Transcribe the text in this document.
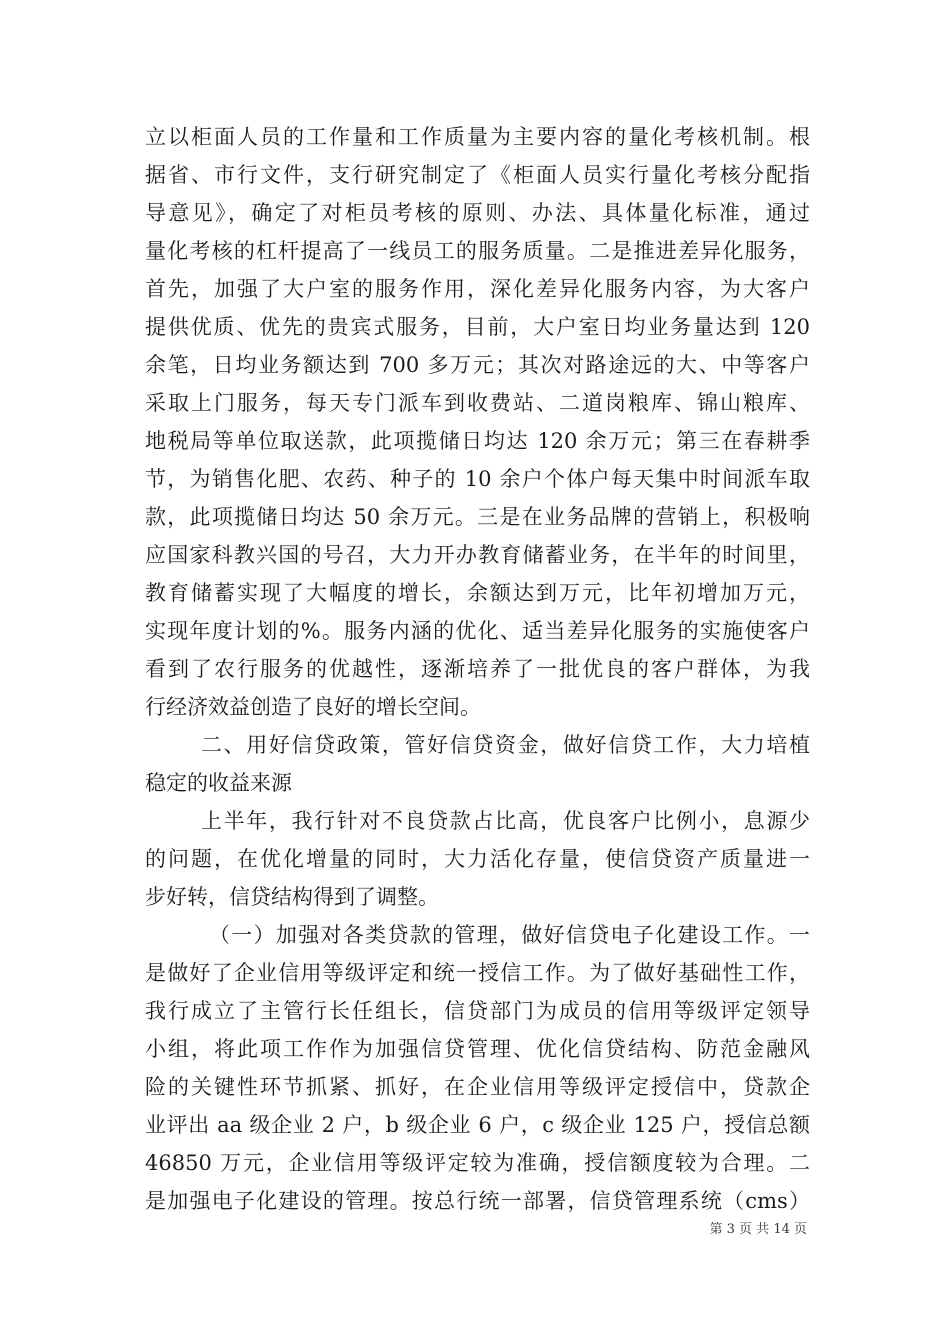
立以柜面人员的工作量和工作质量为主要内容的量化考核机制。根
据省、市行文件，支行研究制定了《柜面人员实行量化考核分配指
导意见》，确定了对柜员考核的原则、办法、具体量化标准，通过
量化考核的杠杆提高了一线员工的服务质量。二是推进差异化服务，
首先，加强了大户室的服务作用，深化差异化服务内容，为大客户
提供优质、优先的贵宾式服务，目前，大户室日均业务量达到 120
余笔，日均业务额达到 700 多万元；其次对路途远的大、中等客户
采取上门服务，每天专门派车到收费站、二道岗粮库、锦山粮库、
地税局等单位取送款，此项揽储日均达 120 余万元；第三在春耕季
节，为销售化肥、农药、种子的 10 余户个体户每天集中时间派车取
款，此项揽储日均达 50 余万元。三是在业务品牌的营销上，积极响
应国家科教兴国的号召，大力开办教育储蓄业务，在半年的时间里，
教育储蓄实现了大幅度的增长，余额达到万元，比年初增加万元，
实现年度计划的%。服务内涵的优化、适当差异化服务的实施使客户
看到了农行服务的优越性，逐渐培养了一批优良的客户群体，为我
行经济效益创造了良好的增长空间。
二、用好信贷政策，管好信贷资金，做好信贷工作，大力培植
稳定的收益来源
上半年，我行针对不良贷款占比高，优良客户比例小，息源少
的问题，在优化增量的同时，大力活化存量，使信贷资产质量进一
步好转，信贷结构得到了调整。
（一）加强对各类贷款的管理，做好信贷电子化建设工作。一
是做好了企业信用等级评定和统一授信工作。为了做好基础性工作，
我行成立了主管行长任组长，信贷部门为成员的信用等级评定领导
小组，将此项工作作为加强信贷管理、优化信贷结构、防范金融风
险的关键性环节抓紧、抓好，在企业信用等级评定授信中，贷款企
业评出 aa 级企业 2 户，b 级企业 6 户，c 级企业 125 户，授信总额
46850 万元，企业信用等级评定较为准确，授信额度较为合理。二
是加强电子化建设的管理。按总行统一部署，信贷管理系统（cms）
第 3 页 共 14 页
